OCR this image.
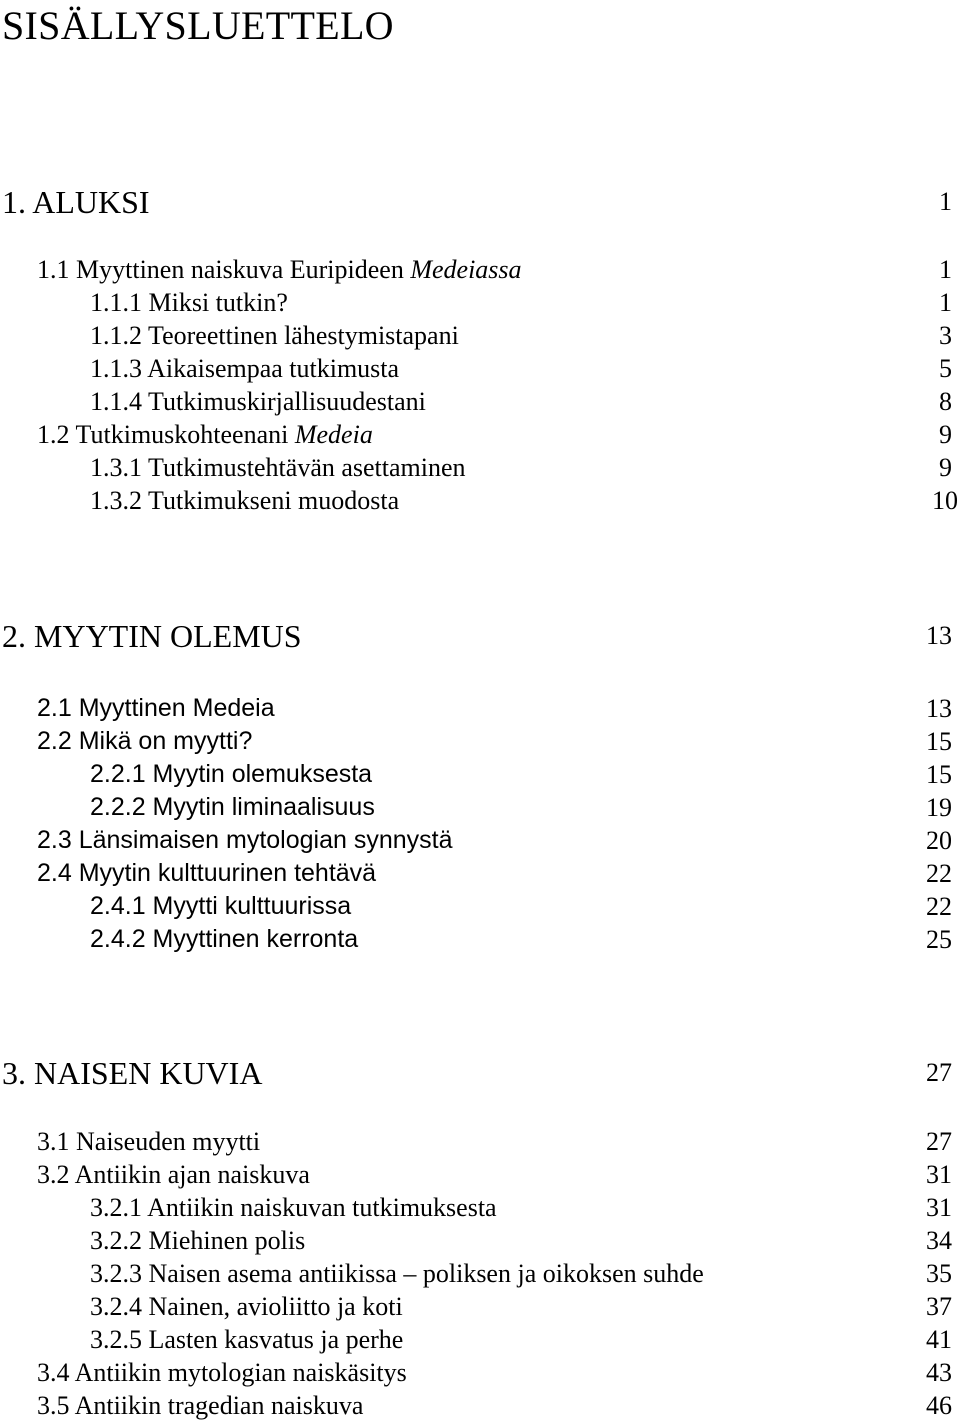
SISÄLLYSLUETTELO
1. ALUKSI	1
1.1 Myyttinen naiskuva Euripideen Medeiassa	1
1.1.1 Miksi tutkin?	1
1.1.2 Teoreettinen lähestymistapani	3
1.1.3 Aikaisempaa tutkimusta	5
1.1.4 Tutkimuskirjallisuudestani	8
1.2 Tutkimuskohteenani Medeia	9
1.3.1 Tutkimustehtävän asettaminen	9
1.3.2 Tutkimukseni muodosta	10
2. MYYTIN OLEMUS	13
2.1 Myyttinen Medeia	13
2.2 Mikä on myytti?	15
2.2.1 Myytin olemuksesta	15
2.2.2 Myytin liminaalisuus	19
2.3 Länsimaisen mytologian synnystä	20
2.4 Myytin kulttuurinen tehtävä	22
2.4.1 Myytti kulttuurissa	22
2.4.2 Myyttinen kerronta	25
3. NAISEN KUVIA	27
3.1 Naiseuden myytti	27
3.2 Antiikin ajan naiskuva	31
3.2.1 Antiikin naiskuvan tutkimuksesta	31
3.2.2 Miehinen polis	34
3.2.3 Naisen asema antiikissa – poliksen ja oikoksen suhde	35
3.2.4 Nainen, avioliitto ja koti	37
3.2.5 Lasten kasvatus ja perhe	41
3.4 Antiikin mytologian naiskäsitys	43
3.5 Antiikin tragedian naiskuva	46
